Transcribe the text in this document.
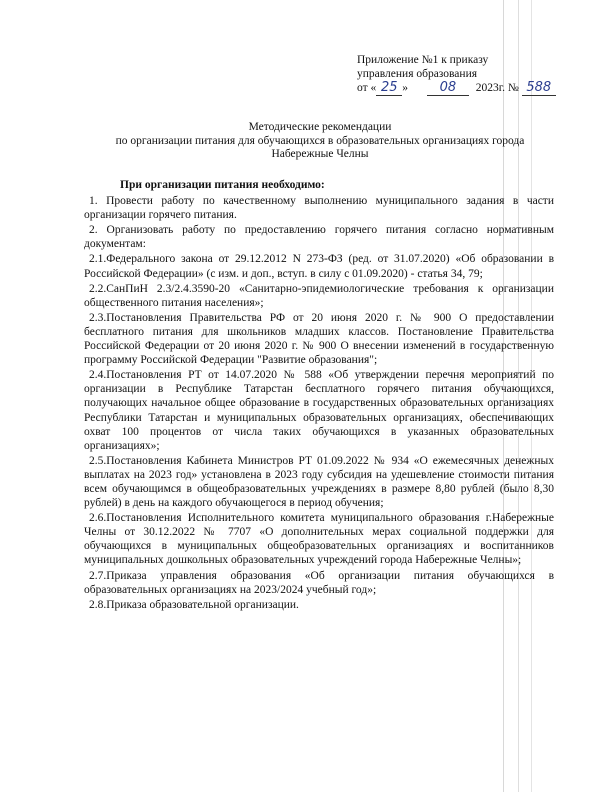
Приложение №1 к приказу
управления образования
от « 25 » 08 2023г. № 588
Методические рекомендации
по организации питания для обучающихся в образовательных организациях города
Набережные Челны

При организации питания необходимо:

1. Провести работу по качественному выполнению муниципального задания в части организации горячего питания.

2. Организовать работу по предоставлению горячего питания согласно нормативным документам:

2.1.Федерального закона от 29.12.2012 N 273-ФЗ (ред. от 31.07.2020) «Об образовании в Российской Федерации» (с изм. и доп., вступ. в силу с 01.09.2020) - статья 34, 79;

2.2.СанПиН 2.3/2.4.3590-20 «Санитарно-эпидемиологические требования к организации общественного питания населения»;

2.3.Постановления Правительства РФ от 20 июня 2020 г. № 900 О предоставлении бесплатного питания для школьников младших классов. Постановление Правительства Российской Федерации от 20 июня 2020 г. № 900 О внесении изменений в государственную программу Российской Федерации "Развитие образования";

2.4.Постановления РТ от 14.07.2020 № 588 «Об утверждении перечня мероприятий по организации в Республике Татарстан бесплатного горячего питания обучающихся, получающих начальное общее образование в государственных образовательных организациях Республики Татарстан и муниципальных образовательных организациях, обеспечивающих охват 100 процентов от числа таких обучающихся в указанных образовательных организациях»;

2.5.Постановления Кабинета Министров РТ 01.09.2022 № 934 «О ежемесячных денежных выплатах на 2023 год» установлена в 2023 году субсидия на удешевление стоимости питания всем обучающимся в общеобразовательных учреждениях в размере 8,80 рублей (было 8,30 рублей) в день на каждого обучающегося в период обучения;

2.6.Постановления Исполнительного комитета муниципального образования г.Набережные Челны от 30.12.2022 № 7707 «О дополнительных мерах социальной поддержки для обучающихся в муниципальных общеобразовательных организациях и воспитанников муниципальных дошкольных образовательных учреждений города Набережные Челны»;

2.7.Приказа управления образования «Об организации питания обучающихся в образовательных организациях на 2023/2024 учебный год»;

2.8.Приказа образовательной организации.
